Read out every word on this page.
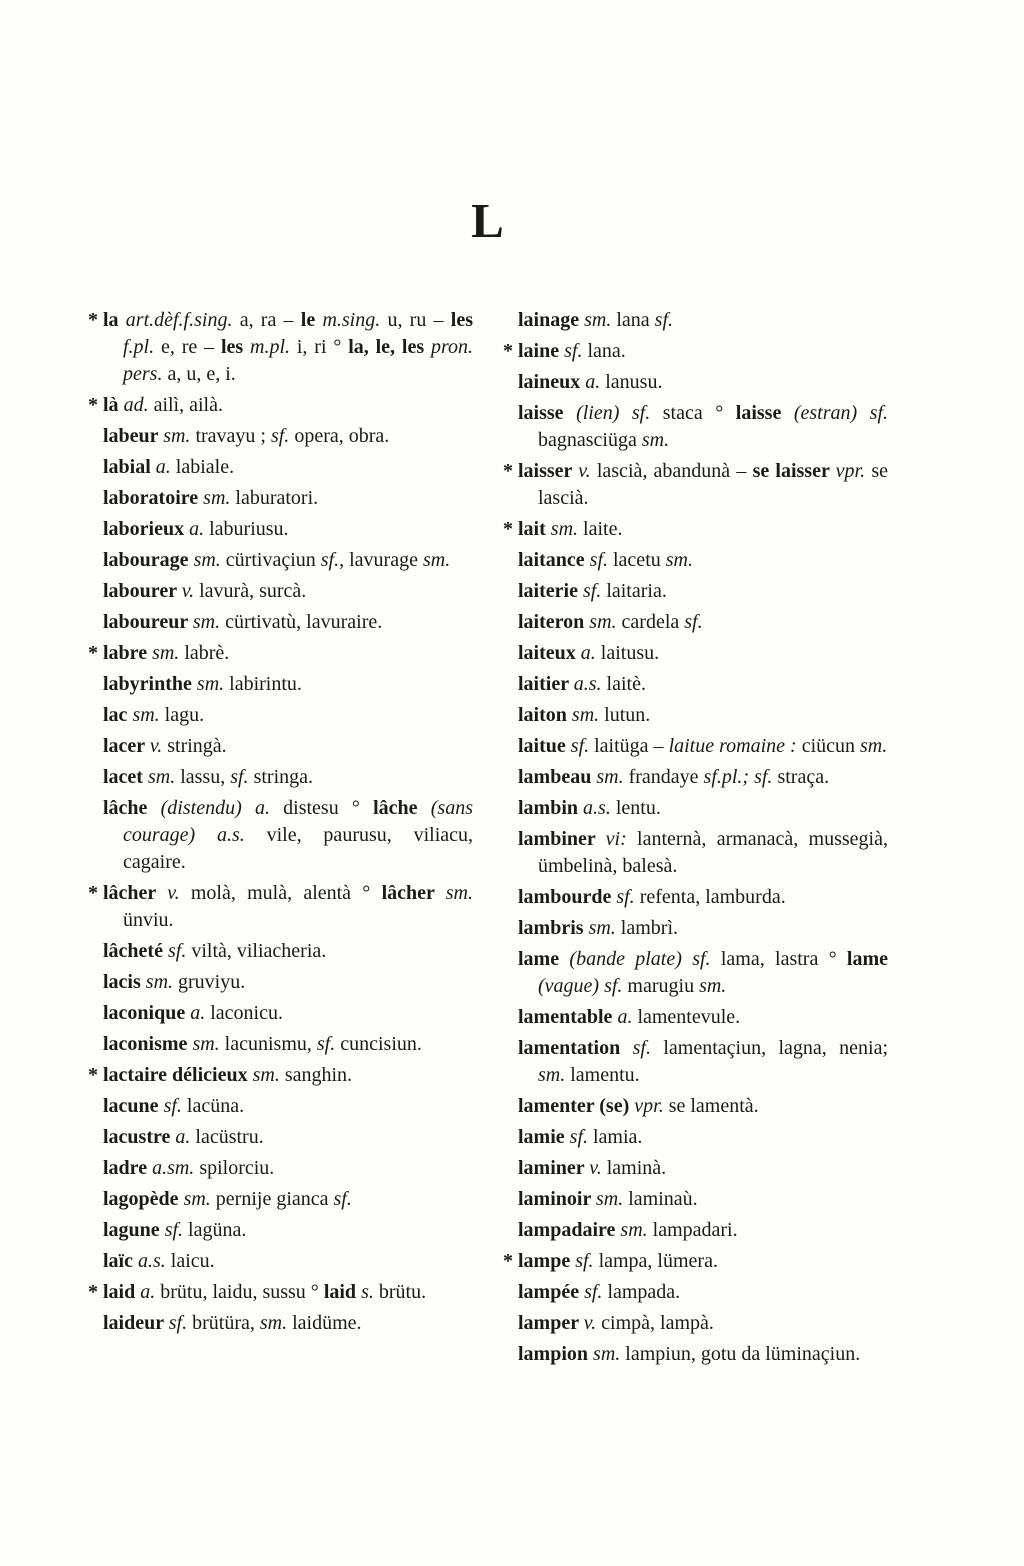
L
* la art.dèf.f.sing. a, ra – le m.sing. u, ru – les f.pl. e, re – les m.pl. i, ri ° la, le, les pron. pers. a, u, e, i.
* là ad. ailì, ailà.
labeur sm. travayu ; sf. opera, obra.
labial a. labiale.
laboratoire sm. laburatori.
laborieux a. laburiusu.
labourage sm. cürtivaçiun sf., lavurage sm.
labourer v. lavurà, surcà.
laboureur sm. cürtivatù, lavuraire.
* labre sm. labrè.
labyrinthe sm. labirintu.
lac sm. lagu.
lacer v. stringà.
lacet sm. lassu, sf. stringa.
lâche (distendu) a. distesu ° lâche (sans courage) a.s. vile, paurusu, viliacu, cagaire.
* lâcher v. molà, mulà, alentà ° lâcher sm. ünviu.
lâcheté sf. viltà, viliacheria.
lacis sm. gruviyu.
laconique a. laconicu.
laconisme sm. lacunismu, sf. cuncisiun.
* lactaire délicieux sm. sanghin.
lacune sf. lacüna.
lacustre a. lacüstru.
ladre a.sm. spilorciu.
lagopède sm. pernije gianca sf.
lagune sf. lagüna.
laïc a.s. laicu.
* laid a. brütu, laidu, sussu ° laid s. brütu.
laideur sf. brütüra, sm. laidüme.
lainage sm. lana sf.
* laine sf. lana.
laineux a. lanusu.
laisse (lien) sf. staca ° laisse (estran) sf. bagnasciüga sm.
* laisser v. lascià, abandunà – se laisser vpr. se lascià.
* lait sm. laite.
laitance sf. lacetu sm.
laiterie sf. laitaria.
laiteron sm. cardela sf.
laiteux a. laitusu.
laitier a.s. laitè.
laiton sm. lutun.
laitue sf. laitüga – laitue romaine : ciücun sm.
lambeau sm. frandaye sf.pl.; sf. straça.
lambin a.s. lentu.
lambiner vi: lanternà, armanacà, mussegià, ümbelinà, balesà.
lambourde sf. refenta, lamburda.
lambris sm. lambrì.
lame (bande plate) sf. lama, lastra ° lame (vague) sf. marugiu sm.
lamentable a. lamentevule.
lamentation sf. lamentaçiun, lagna, nenia; sm. lamentu.
lamenter (se) vpr. se lamentà.
lamie sf. lamia.
laminer v. laminà.
laminoir sm. laminaù.
lampadaire sm. lampadari.
* lampe sf. lampa, lümera.
lampée sf. lampada.
lamper v. cimpà, lampà.
lampion sm. lampiun, gotu da lüminaçiun.
